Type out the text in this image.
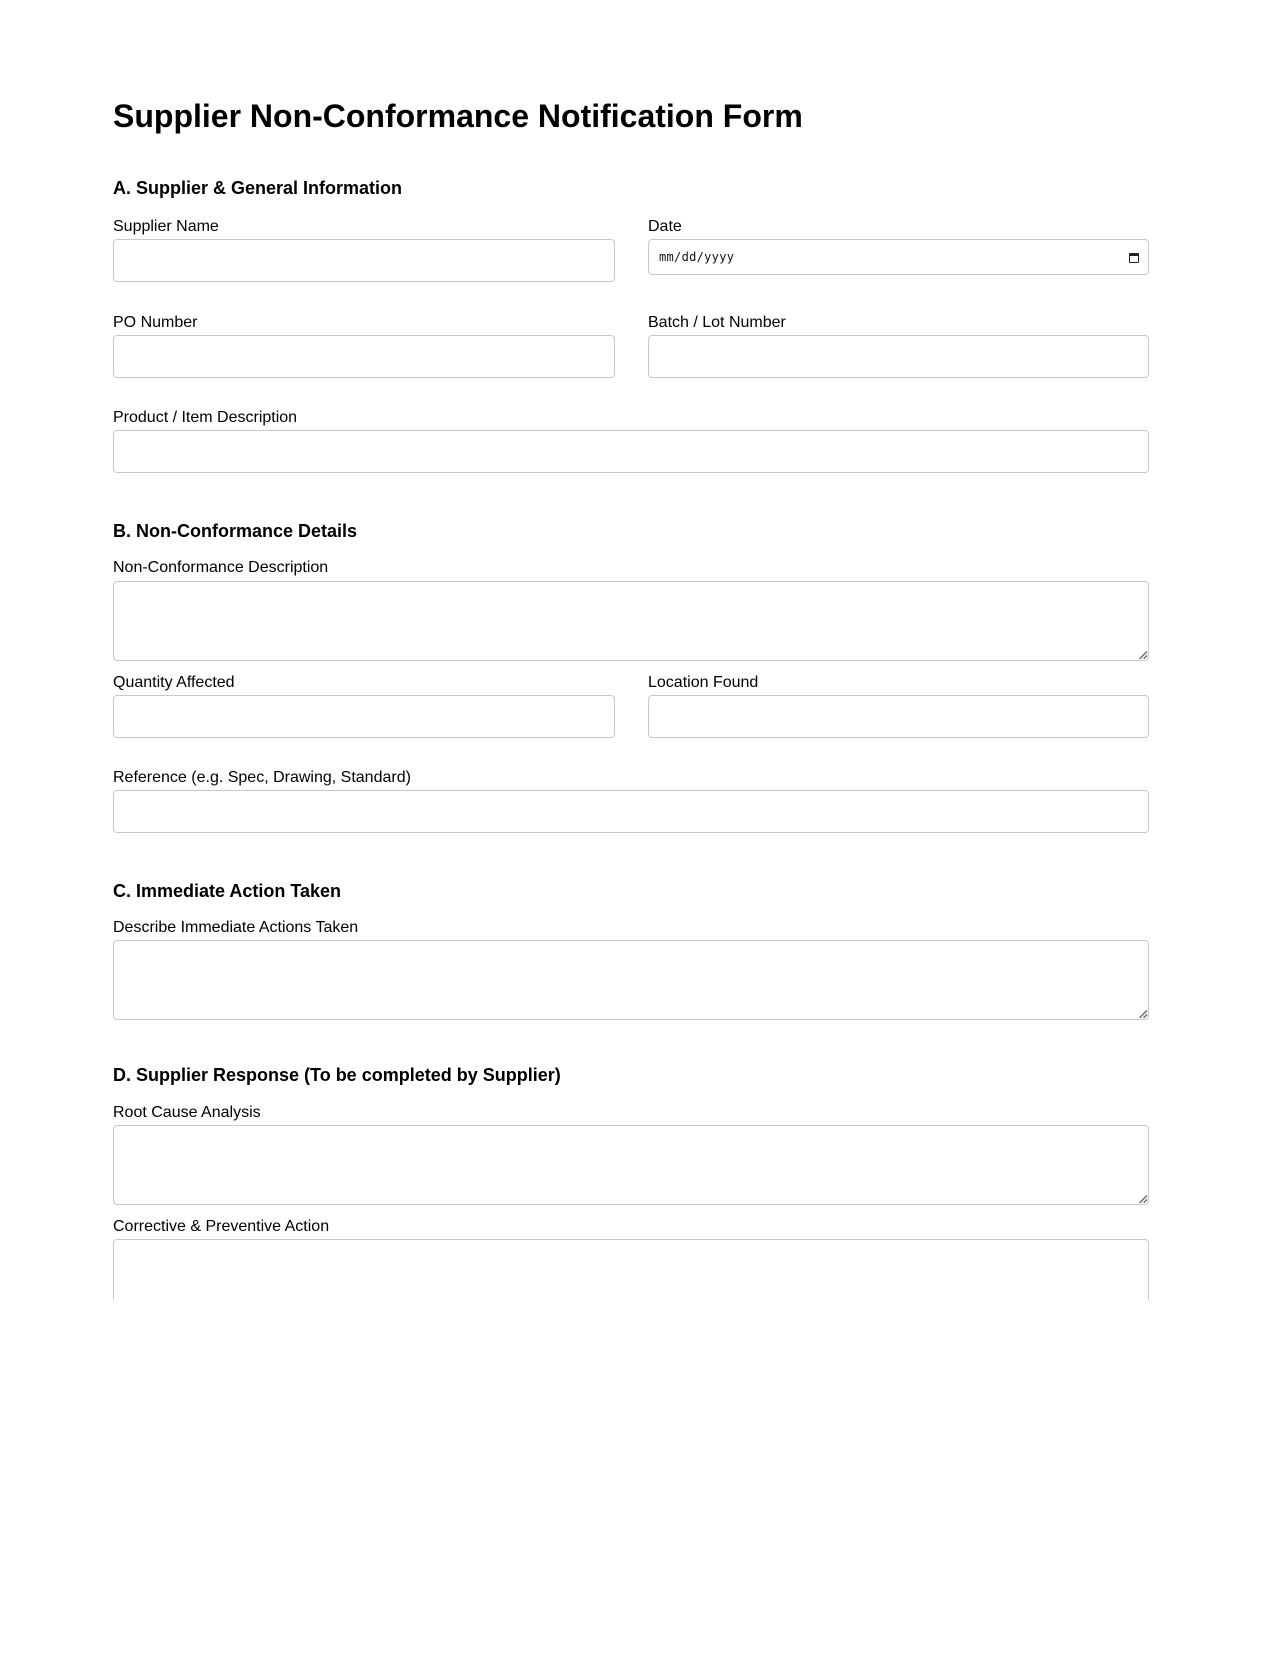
Supplier Non-Conformance Notification Form
A. Supplier & General Information
Supplier Name	Date
mm/dd/yyyy
PO Number	Batch / Lot Number
Product / Item Description
B. Non-Conformance Details
Non-Conformance Description
Quantity Affected	Location Found
Reference (e.g. Spec, Drawing, Standard)
C. Immediate Action Taken
Describe Immediate Actions Taken
D. Supplier Response (To be completed by Supplier)
Root Cause Analysis
Corrective & Preventive Action
